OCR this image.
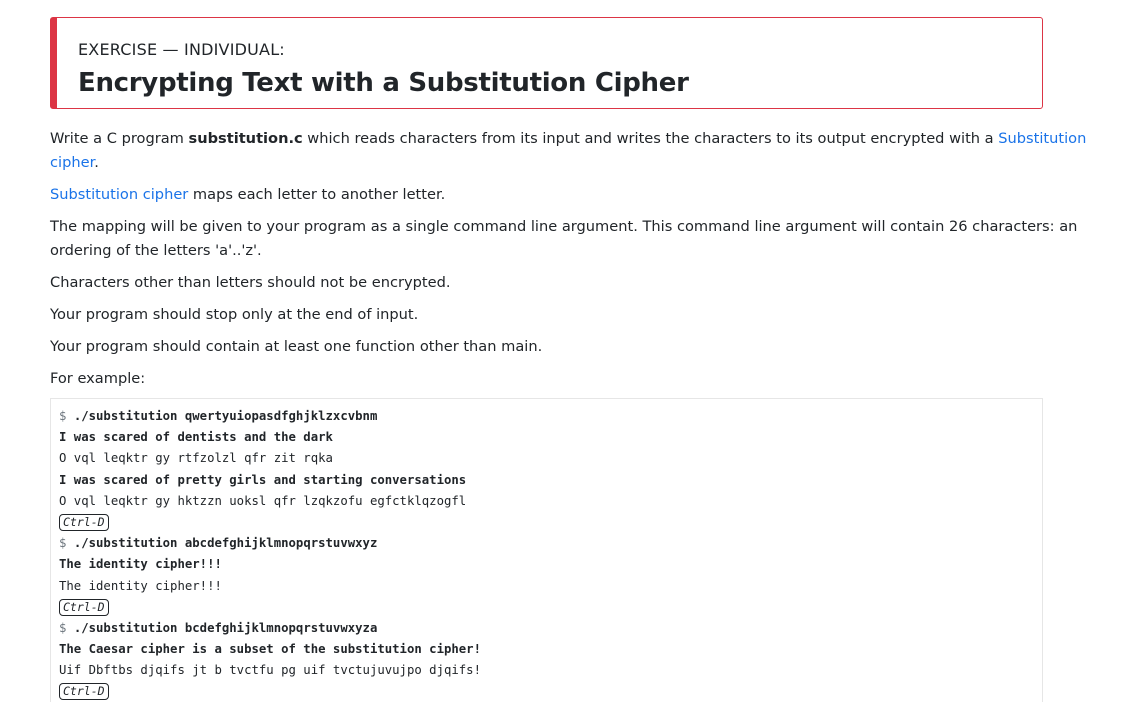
EXERCISE — INDIVIDUAL:
Encrypting Text with a Substitution Cipher

Write a C program substitution.c which reads characters from its input and writes the characters to its output encrypted with a Substitution
cipher.

Substitution cipher maps each letter to another letter.

The mapping will be given to your program as a single command line argument. This command line argument will contain 26 characters: an
ordering of the letters 'a'..'z'.

Characters other than letters should not be encrypted.

Your program should stop only at the end of input.

Your program should contain at least one function other than main.

For example:

$ ./substitution qwertyuiopasdfghjklzxcvbnm
I was scared of dentists and the dark
O vql leqktr gy rtfzolzl qfr zit rqka
I was scared of pretty girls and starting conversations
O vql leqktr gy hktzzn uoksl qfr lzqkzofu egfctklqzogfl
Ctrl-D
$ ./substitution abcdefghijklmnopqrstuvwxyz
The identity cipher!!!
The identity cipher!!!
Ctrl-D
$ ./substitution bcdefghijklmnopqrstuvwxyza
The Caesar cipher is a subset of the substitution cipher!
Uif Dbftbs djqifs jt b tvctfu pg uif tvctujuvujpo djqifs!
Ctrl-D
